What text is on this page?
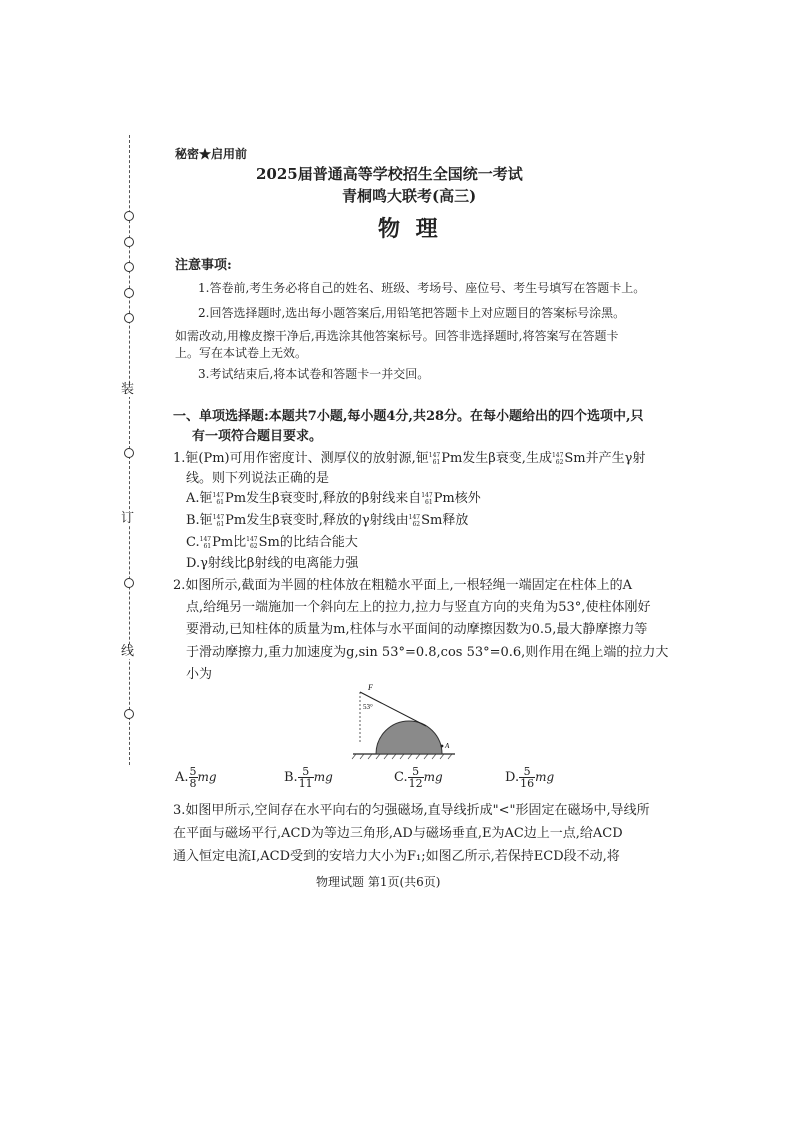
装
订
线
秘密★启用前
2025届普通高等学校招生全国统一考试
青桐鸣大联考(高三)
物 理
注意事项:
1.答卷前,考生务必将自己的姓名、班级、考场号、座位号、考生号填写在答题卡上。
2.回答选择题时,选出每小题答案后,用铅笔把答题卡上对应题目的答案标号涂黑。
如需改动,用橡皮擦干净后,再选涂其他答案标号。回答非选择题时,将答案写在答题卡
上。写在本试卷上无效。
3.考试结束后,将本试卷和答题卡一并交回。
一、单项选择题:本题共7小题,每小题4分,共28分。在每小题给出的四个选项中,只
有一项符合题目要求。
1.钷(Pm)可用作密度计、测厚仪的放射源,钷 147
61 Pm发生β衰变,生成 147
62 Sm并产生γ射
线。则下列说法正确的是
A.钷 147
61 Pm发生β衰变时,释放的β射线来自 147
61 Pm核外
B.钷 147
61 Pm发生β衰变时,释放的γ射线由 147
62 Sm释放
C. 147
61 Pm比 147
62 Sm的比结合能大
D.γ射线比β射线的电离能力强
2.如图所示,截面为半圆的柱体放在粗糙水平面上,一根轻绳一端固定在柱体上的A
点,给绳另一端施加一个斜向左上的拉力,拉力与竖直方向的夹角为53°,使柱体刚好
要滑动,已知柱体的质量为m,柱体与水平面间的动摩擦因数为0.5,最大静摩擦力等
于滑动摩擦力,重力加速度为g,sin 53°=0.8,cos 53°=0.6,则作用在绳上端的拉力大
小为
F
53°
A
A. $\frac{5}{8}$ mg	B. $\frac{5}{11}$ mg	C. $\frac{5}{12}$ mg	D. $\frac{5}{16}$ mg
3.如图甲所示,空间存在水平向右的匀强磁场,直导线折成"<"形固定在磁场中,导线所
在平面与磁场平行,ACD为等边三角形,AD与磁场垂直,E为AC边上一点,给ACD
通入恒定电流I,ACD受到的安培力大小为F₁;如图乙所示,若保持ECD段不动,将
物理试题 第1页(共6页)
